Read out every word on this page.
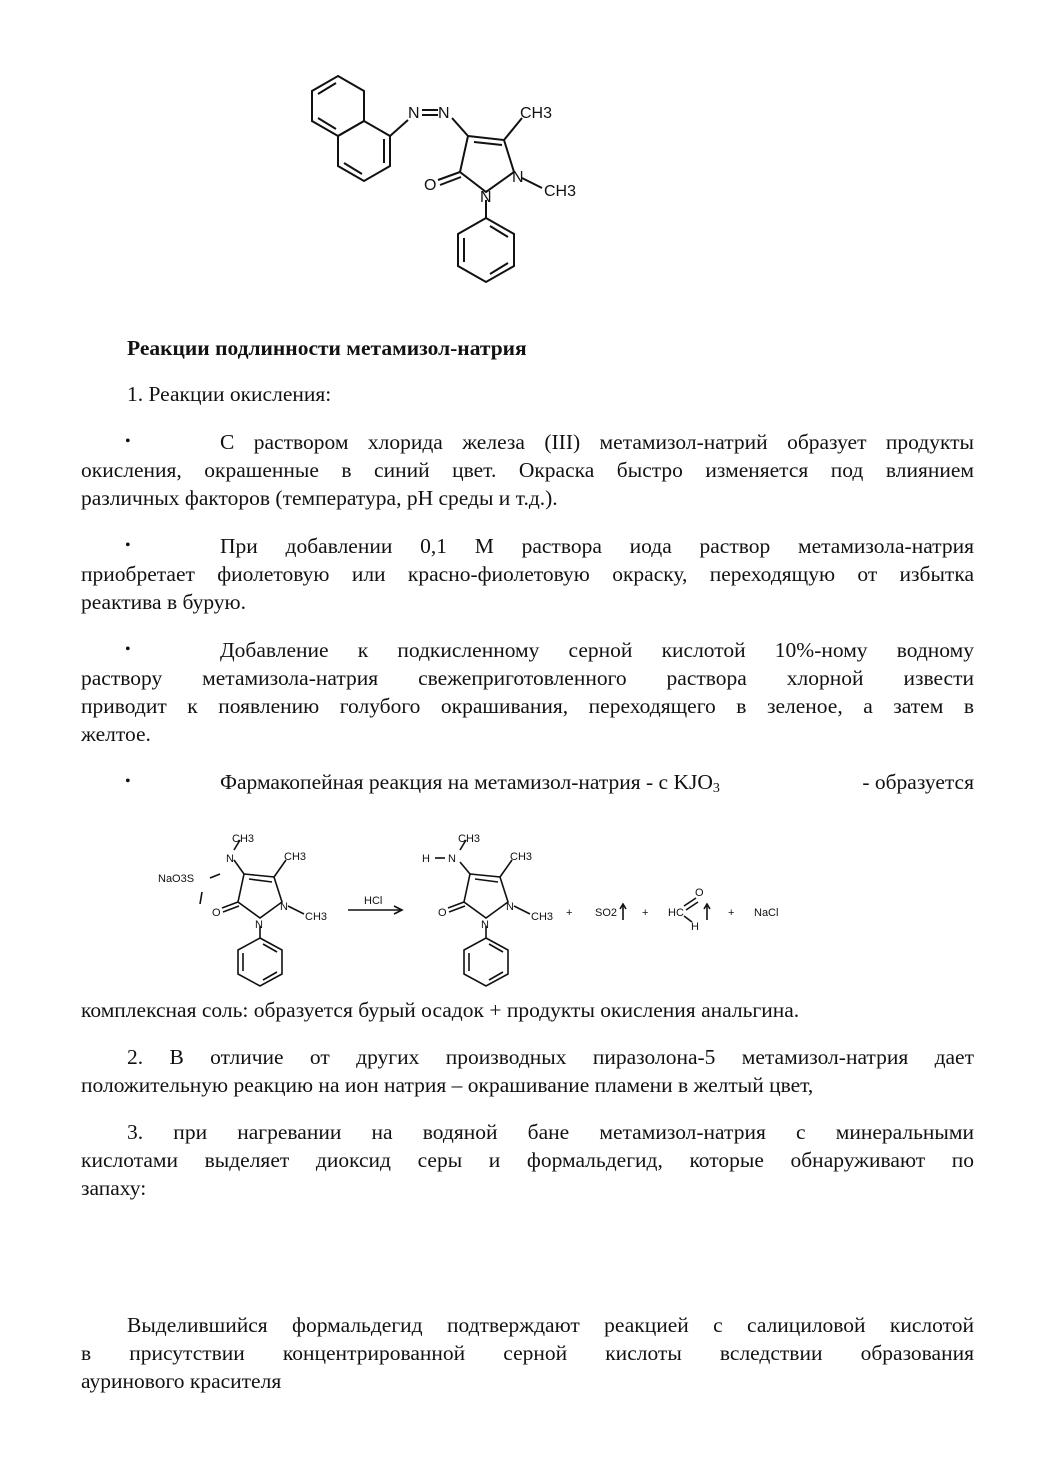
N N	CH3
CH3
N
N
O
Реакции подлинности метамизол-натрия
1. Реакции окисления:
•	С раствором хлорида железа (III) метамизол-натрий образует продукты
окисления, окрашенные в синий цвет. Окраска быстро изменяется под влиянием
различных факторов (температура, pH среды и т.д.).
•	При добавлении 0,1 М раствора иода раствор метамизола-натрия
приобретает фиолетовую или красно-фиолетовую окраску, переходящую от избытка
реактива в бурую.
•	Добавление к подкисленному серной кислотой 10%-ному водному
раствору метамизола-натрия свежеприготовленного раствора хлорной извести
приводит к появлению голубого окрашивания, переходящего в зеленое, а затем в
желтое.
•	Фармакопейная реакция на метамизол-натрия - с $KJO_3$	- образуется
CH3
NaO3S
N	CH3
N
CH3
O
N
HCl
CH3
H N	CH3
N
CH3
O
N
+ SO2 + HC
O
H
+ NaCl
комплексная соль: образуется бурый осадок + продукты окисления анальгина.
2. В отличие от других производных пиразолона-5 метамизол-натрия дает
положительную реакцию на ион натрия – окрашивание пламени в желтый цвет,
3. при нагревании на водяной бане метамизол-натрия с минеральными
кислотами выделяет диоксид серы и формальдегид, которые обнаруживают по
запаху:
Выделившийся формальдегид подтверждают реакцией с салициловой кислотой
в присутствии концентрированной серной кислоты вследствии образования
ауринового красителя
